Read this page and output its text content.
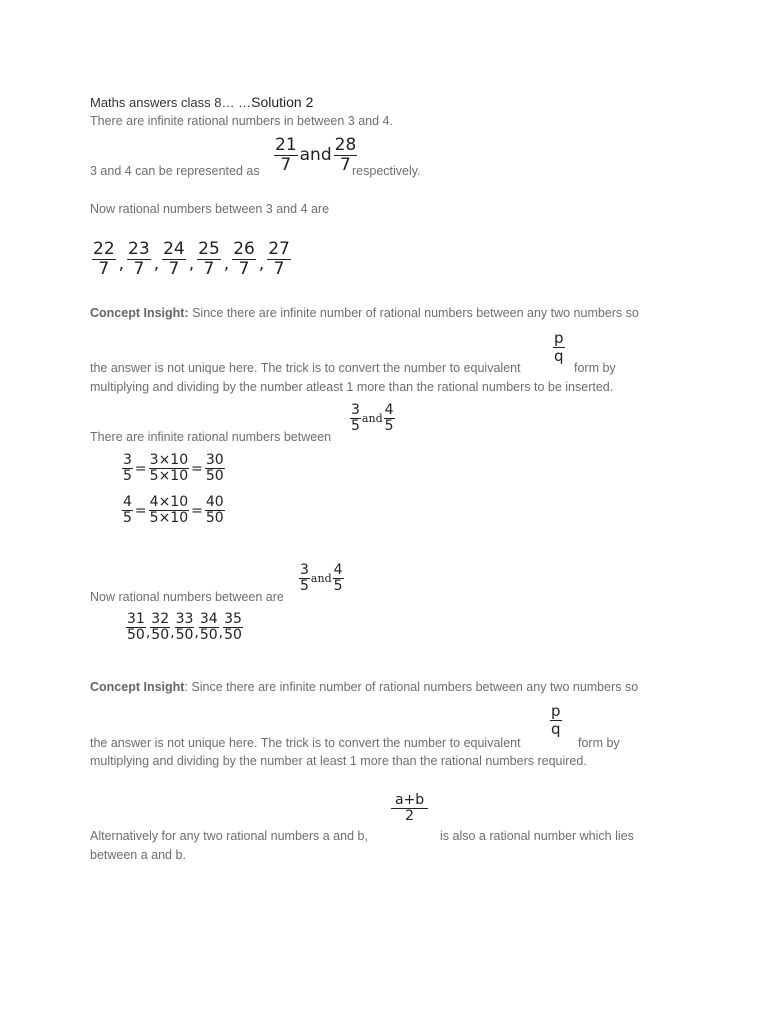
Maths answers class 8… …Solution 2
There are infinite rational numbers in between 3 and 4.
3 and 4 can be represented as $\frac{21}{7}$ and $\frac{28}{7}$
respectively.
Now rational numbers between 3 and 4 are
$\frac{22}{7}$ , $\frac{23}{7}$ , $\frac{24}{7}$ , $\frac{25}{7}$ , $\frac{26}{7}$ , $\frac{27}{7}$
Concept Insight: Since there are infinite number of rational numbers between any two numbers so
$\frac{p}{q}$
the answer is not unique here. The trick is to convert the number to equivalent	form by
multiplying and dividing by the number atleast 1 more than the rational numbers to be inserted.
There are infinite rational numbers between
$\frac{3}{5}$ and $\frac{4}{5}$
$\frac{3}{5} = \frac{3\times 10}{5\times 10} = \frac{30}{50}$
$\frac{4}{5} = \frac{4\times 10}{5\times 10} = \frac{40}{50}$
Now rational numbers between are
$\frac{3}{5}$ and $\frac{4}{5}$
$\frac{31}{50}$ , $\frac{32}{50}$ , $\frac{33}{50}$ , $\frac{34}{50}$ , $\frac{35}{50}$
Concept Insight: Since there are infinite number of rational numbers between any two numbers so
$\frac{p}{q}$
the answer is not unique here. The trick is to convert the number to equivalent	form by
multiplying and dividing by the number at least 1 more than the rational numbers required.
$\frac{a+b}{2}$
Alternatively for any two rational numbers a and b,	is also a rational number which lies
between a and b.
